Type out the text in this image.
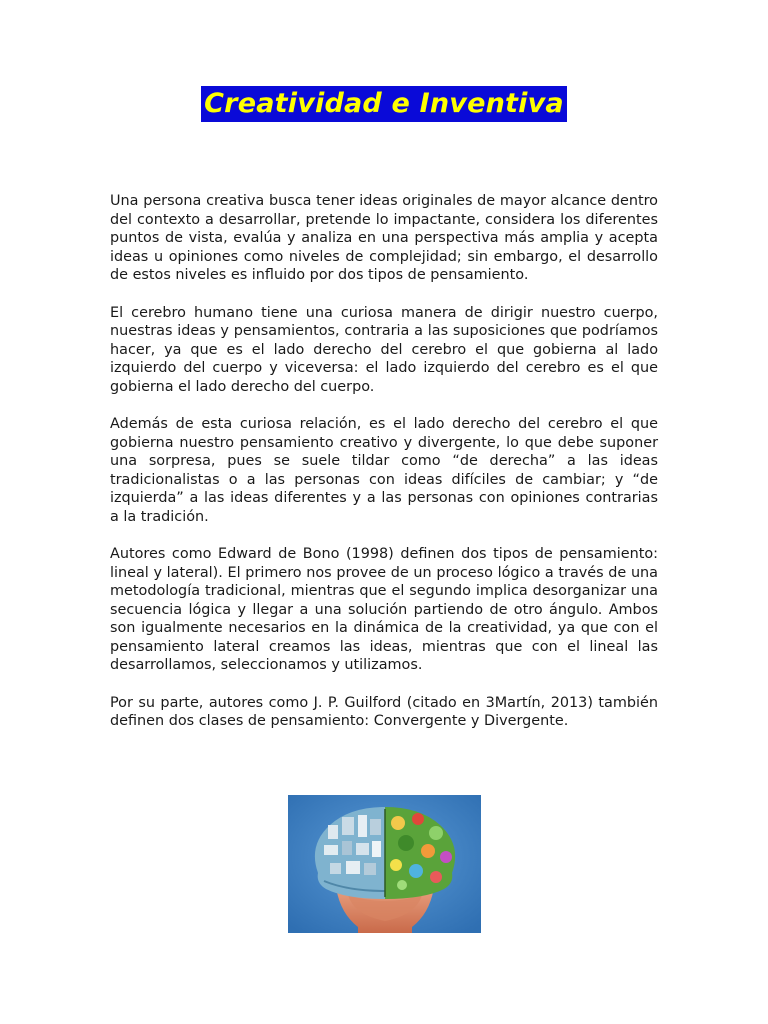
Creatividad e Inventiva

Una persona creativa busca tener ideas originales de mayor alcance dentro del contexto a desarrollar, pretende lo impactante, considera los diferentes puntos de vista, evalúa y analiza en una perspectiva más amplia y acepta ideas u opiniones como niveles de complejidad; sin embargo, el desarrollo de estos niveles es influido por dos tipos de pensamiento.

El cerebro humano tiene una curiosa manera de dirigir nuestro cuerpo, nuestras ideas y pensamientos, contraria a las suposiciones que podríamos hacer, ya que es el lado derecho del cerebro el que gobierna al lado izquierdo del cuerpo y viceversa: el lado izquierdo del cerebro es el que gobierna el lado derecho del cuerpo.

Además de esta curiosa relación, es el lado derecho del cerebro el que gobierna nuestro pensamiento creativo y divergente, lo que debe suponer una sorpresa, pues se suele tildar como “de derecha” a las ideas tradicionalistas o a las personas con ideas difíciles de cambiar; y “de izquierda” a las ideas diferentes y a las personas con opiniones contrarias a la tradición.

Autores como Edward de Bono (1998) definen dos tipos de pensamiento: lineal y lateral). El primero nos provee de un proceso lógico a través de una metodología tradicional, mientras que el segundo implica desorganizar una secuencia lógica y llegar a una solución partiendo de otro ángulo. Ambos son igualmente necesarios en la dinámica de la creatividad, ya que con el pensamiento lateral creamos las ideas, mientras que con el lineal las desarrollamos, seleccionamos y utilizamos.

Por su parte, autores como J. P. Guilford (citado en 3Martín, 2013) también definen dos clases de pensamiento: Convergente y Divergente.
